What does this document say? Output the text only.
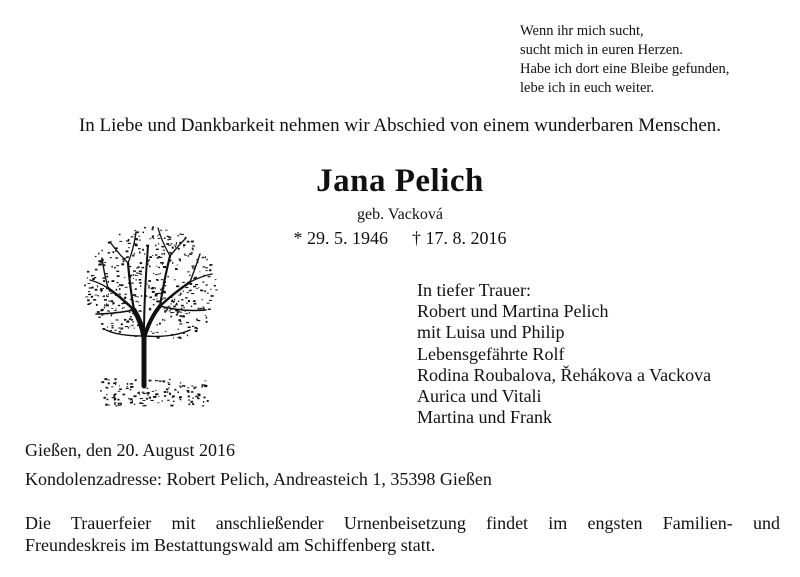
Wenn ihr mich sucht,
sucht mich in euren Herzen.
Habe ich dort eine Bleibe gefunden,
lebe ich in euch weiter.
In Liebe und Dankbarkeit nehmen wir Abschied von einem wunderbaren Menschen.
Jana Pelich
geb. Vacková
* 29. 5. 1946 † 17. 8. 2016
In tiefer Trauer:
Robert und Martina Pelich
mit Luisa und Philip
Lebensgefährte Rolf
Rodina Roubalova, Řehákova a Vackova
Aurica und Vitali
Martina und Frank
Gießen, den 20. August 2016
Kondolenzadresse: Robert Pelich, Andreasteich 1, 35398 Gießen
Die Trauerfeier mit anschließender Urnenbeisetzung findet im engsten Familien- und
Freundeskreis im Bestattungswald am Schiffenberg statt.
